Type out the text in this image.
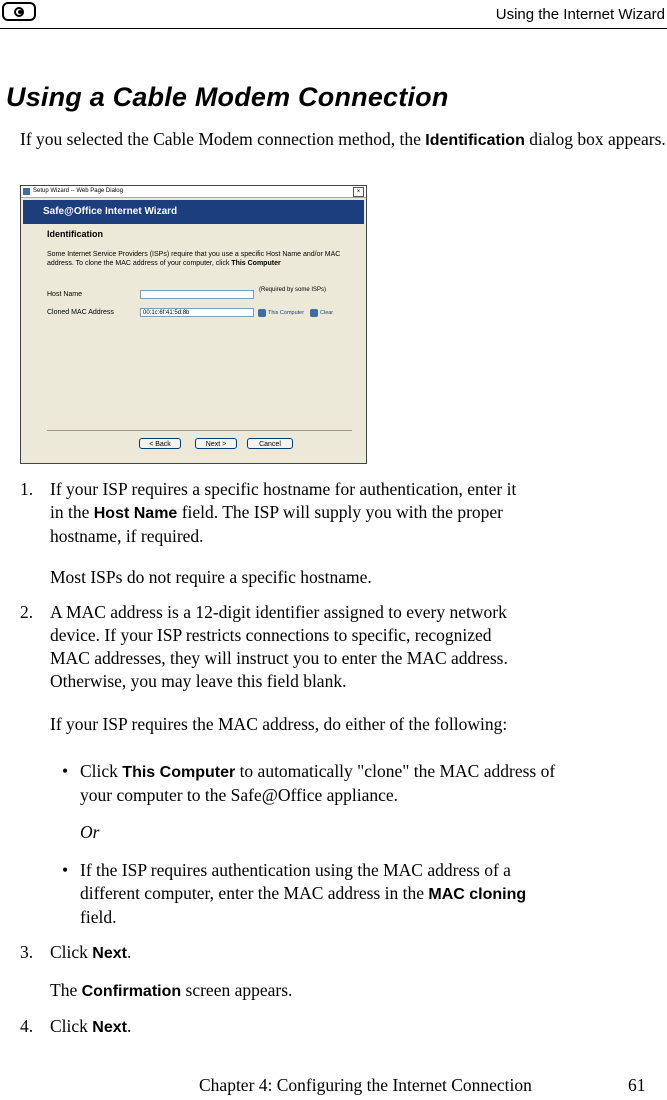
Using the Internet Wizard
Using a Cable Modem Connection
If you selected the Cable Modem connection method, the Identification dialog box appears.
Setup Wizard -- Web Page Dialog	×
Safe@Office Internet Wizard
Identification
Some Internet Service Providers (ISPs) require that you use a specific Host Name and/or MAC address. To clone the MAC address of your computer, click This Computer
Host Name
(Required by some ISPs)
Cloned MAC Address	00:1c:6f:41:5d:8b	This Computer	Clear
< Back	Next >	Cancel
1. If your ISP requires a specific hostname for authentication, enter it
in the Host Name field. The ISP will supply you with the proper
hostname, if required.
Most ISPs do not require a specific hostname.
2. A MAC address is a 12-digit identifier assigned to every network
device. If your ISP restricts connections to specific, recognized
MAC addresses, they will instruct you to enter the MAC address.
Otherwise, you may leave this field blank.
If your ISP requires the MAC address, do either of the following:
• Click This Computer to automatically "clone" the MAC address of
your computer to the Safe@Office appliance.
Or
• If the ISP requires authentication using the MAC address of a
different computer, enter the MAC address in the MAC cloning
field.
3. Click Next.
The Confirmation screen appears.
4. Click Next.
Chapter 4: Configuring the Internet Connection	61
